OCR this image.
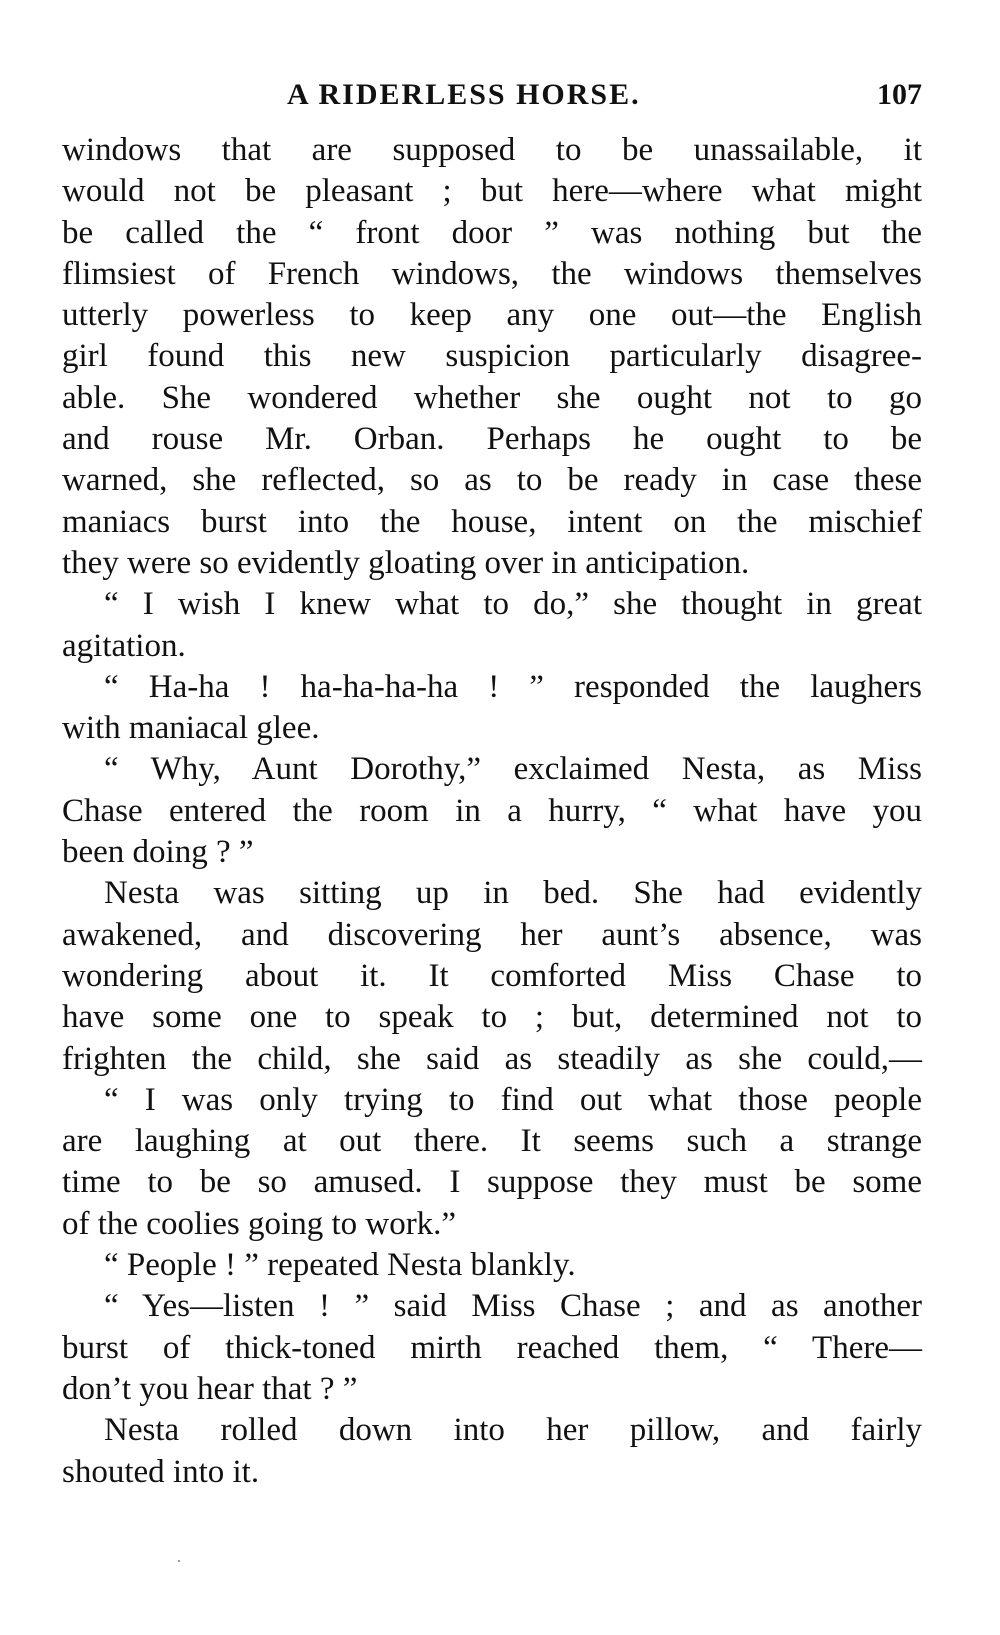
A RIDERLESS HORSE.	107
windows that are supposed to be unassailable, it
would not be pleasant ; but here—where what might
be called the “ front door ” was nothing but the
flimsiest of French windows, the windows themselves
utterly powerless to keep any one out—the English
girl found this new suspicion particularly disagree-
able. She wondered whether she ought not to go
and rouse Mr. Orban. Perhaps he ought to be
warned, she reflected, so as to be ready in case these
maniacs burst into the house, intent on the mischief
they were so evidently gloating over in anticipation.
“ I wish I knew what to do,” she thought in great
agitation.
“ Ha-ha ! ha-ha-ha-ha ! ” responded the laughers
with maniacal glee.
“ Why, Aunt Dorothy,” exclaimed Nesta, as Miss
Chase entered the room in a hurry, “ what have you
been doing ? ”
Nesta was sitting up in bed. She had evidently
awakened, and discovering her aunt’s absence, was
wondering about it. It comforted Miss Chase to
have some one to speak to ; but, determined not to
frighten the child, she said as steadily as she could,—
“ I was only trying to find out what those people
are laughing at out there. It seems such a strange
time to be so amused. I suppose they must be some
of the coolies going to work.”
“ People ! ” repeated Nesta blankly.
“ Yes—listen ! ” said Miss Chase ; and as another
burst of thick-toned mirth reached them, “ There—
don’t you hear that ? ”
Nesta rolled down into her pillow, and fairly
shouted into it.
